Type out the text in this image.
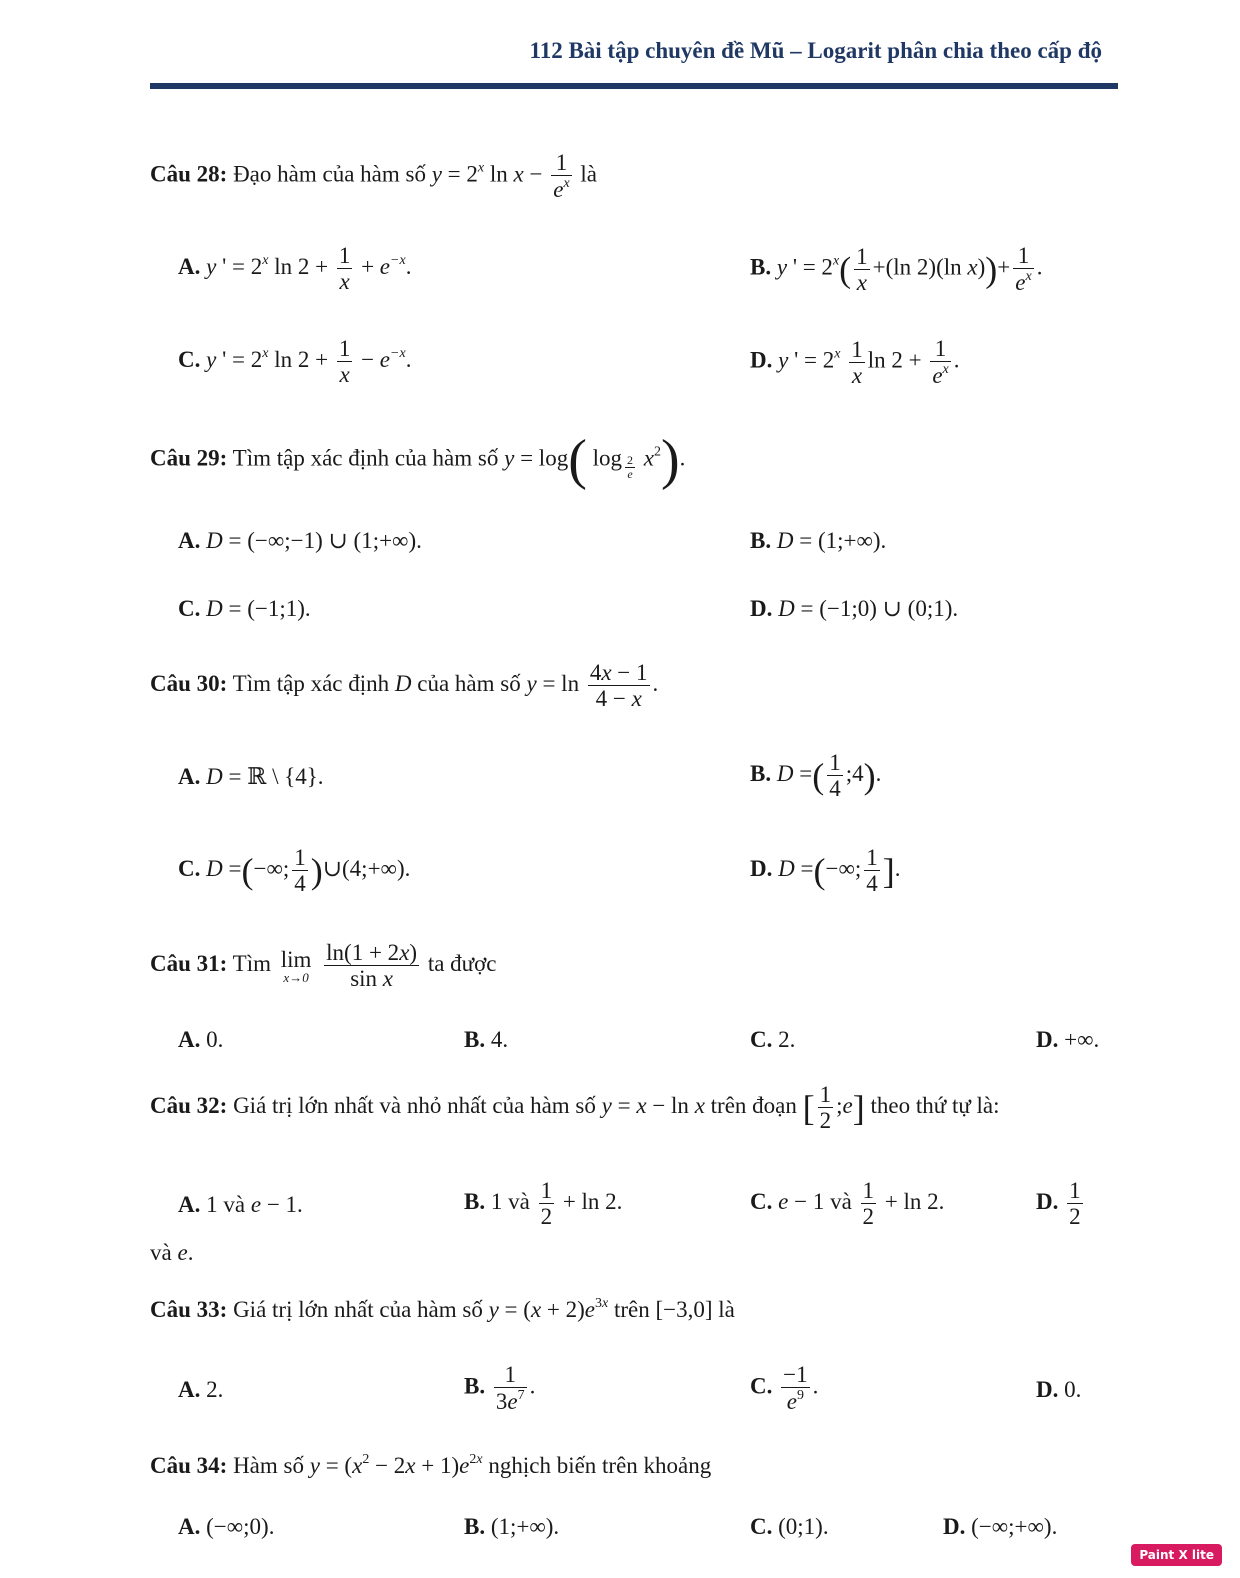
112 Bài tập chuyên đề Mũ – Logarit phân chia theo cấp độ
Câu 28: Đạo hàm của hàm số $y = 2^x$ $\ln x - \frac{1}{e^x}$ là
A. y ' = $2^x$ $\ln 2 + \frac{1}{x} + e^{-x}$.	B. y ' = $2^x( \frac{1}{x} +(\ln$ 2)(ln $x))+ \frac{1}{e^x}$ .
C. y ' = $2^x$ $\ln 2 + \frac{1}{x} - e^{-x}$.	D. y ' = $2^x \frac{1}{x}$ $\ln 2 + \frac{1}{e^x}$ .
Câu 29: Tìm tập xác định của hàm số y = log( log $_{\frac{2}{e}}$ $x^2$).
A. D = (−∞;−1) ∪ (1;+∞).	B. D = (1;+∞).
C. D = (−1;1).	D. D = (−1;0) ∪ (0;1).
Câu 30: Tìm tập xác định D của hàm số $y = \ln \frac{4x - 1}{4 - x}$ .
A. D = ℝ \ {4}.	B. D =( $\frac{1}{4}$ ;4).
C. D =(−∞; $\frac{1}{4}$ )∪(4;+∞).	D. D =(−∞; $\frac{1}{4}$ ].
Câu 31: Tìm lim
x→0
$\frac{\ln(1 + 2x)}{\text{sin x}}$ ta được
A. 0.	B. 4.	C. 2.	D. +∞.
Câu 32: Giá trị lớn nhất và nhỏ nhất của hàm số y = x − ln x trên đoạn [ $\frac{1}{2}$ ;e] theo thứ tự là:
A. 1 và e − 1.	B. 1 và $\frac{1}{2} + \ln 2$.	C. e − 1 và $\frac{1}{2} + \ln 2$.	D. $\frac{1}{2}$
và e.
Câu 33: Giá trị lớn nhất của hàm số $y = (x + 2)e^{3x}$ trên [−3,0] là
A. 2.	B. $\frac{1}{3e^7}$ .	C. $\frac{-1}{e^9}$ .	D. 0.
Câu 34: Hàm số $y = (x^2 - 2x + 1)e^{2x}$ nghịch biến trên khoảng
A. (−∞;0).	B. (1;+∞).	C. (0;1).	D. (−∞;+∞).
Paint X lite
